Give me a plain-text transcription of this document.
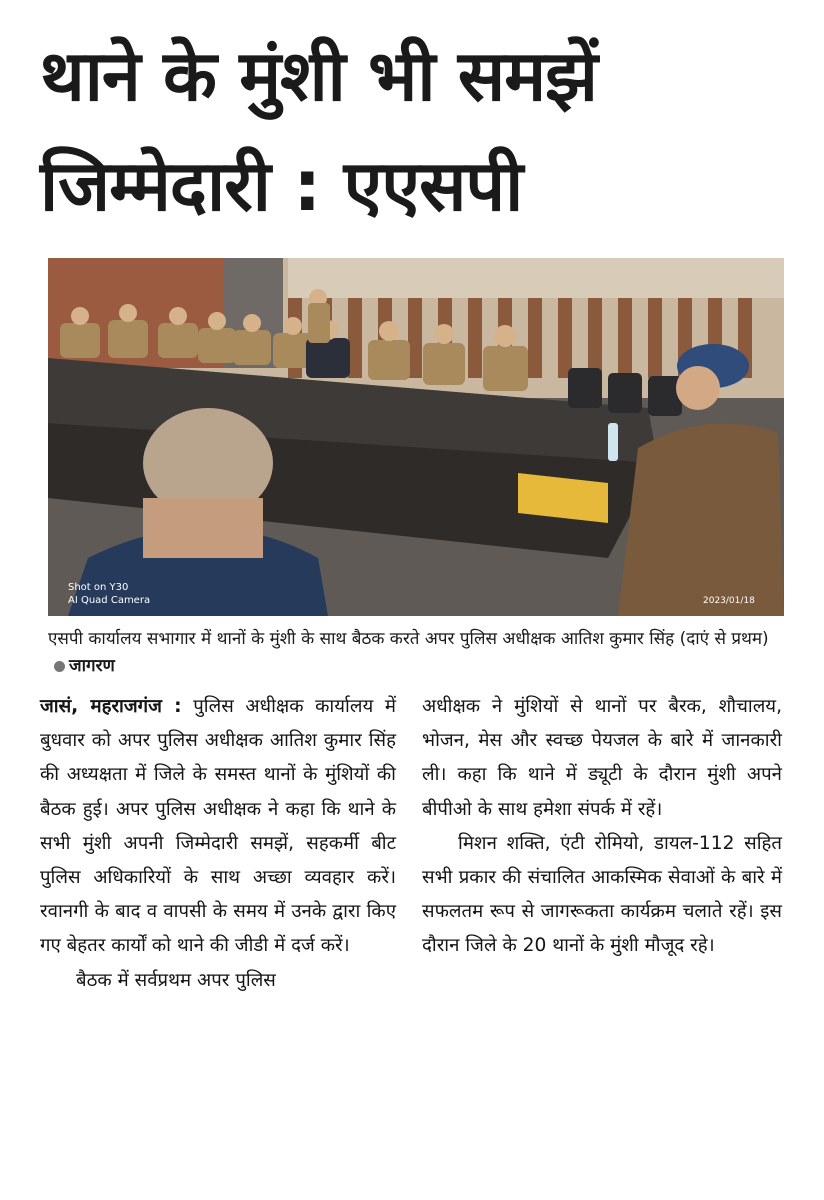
थाने के मुंशी भी समझें
जिम्मेदारी : एएसपी
Shot on Y30
AI Quad Camera	2023/01/18
एसपी कार्यालय सभागार में थानों के मुंशी के साथ बैठक करते अपर पुलिस अधीक्षक आतिश कुमार सिंह (दाएं से प्रथम)जागरण

जासं, महराजगंज : पुलिस अधीक्षक कार्यालय में बुधवार को अपर पुलिस अधीक्षक आतिश कुमार सिंह की अध्यक्षता में जिले के समस्त थानों के मुंशियों की बैठक हुई। अपर पुलिस अधीक्षक ने कहा कि थाने के सभी मुंशी अपनी जिम्मेदारी समझें, सहकर्मी बीट पुलिस अधिकारियों के साथ अच्छा व्यवहार करें। रवानगी के बाद व वापसी के समय में उनके द्वारा किए गए बेहतर कार्यों को थाने की जीडी में दर्ज करें।

बैठक में सर्वप्रथम अपर पुलिस

अधीक्षक ने मुंशियों से थानों पर बैरक, शौचालय, भोजन, मेस और स्वच्छ पेयजल के बारे में जानकारी ली। कहा कि थाने में ड्यूटी के दौरान मुंशी अपने बीपीओ के साथ हमेशा संपर्क में रहें।

मिशन शक्ति, एंटी रोमियो, डायल-112 सहित सभी प्रकार की संचालित आकस्मिक सेवाओं के बारे में सफलतम रूप से जागरूकता कार्यक्रम चलाते रहें। इस दौरान जिले के 20 थानों के मुंशी मौजूद रहे।
